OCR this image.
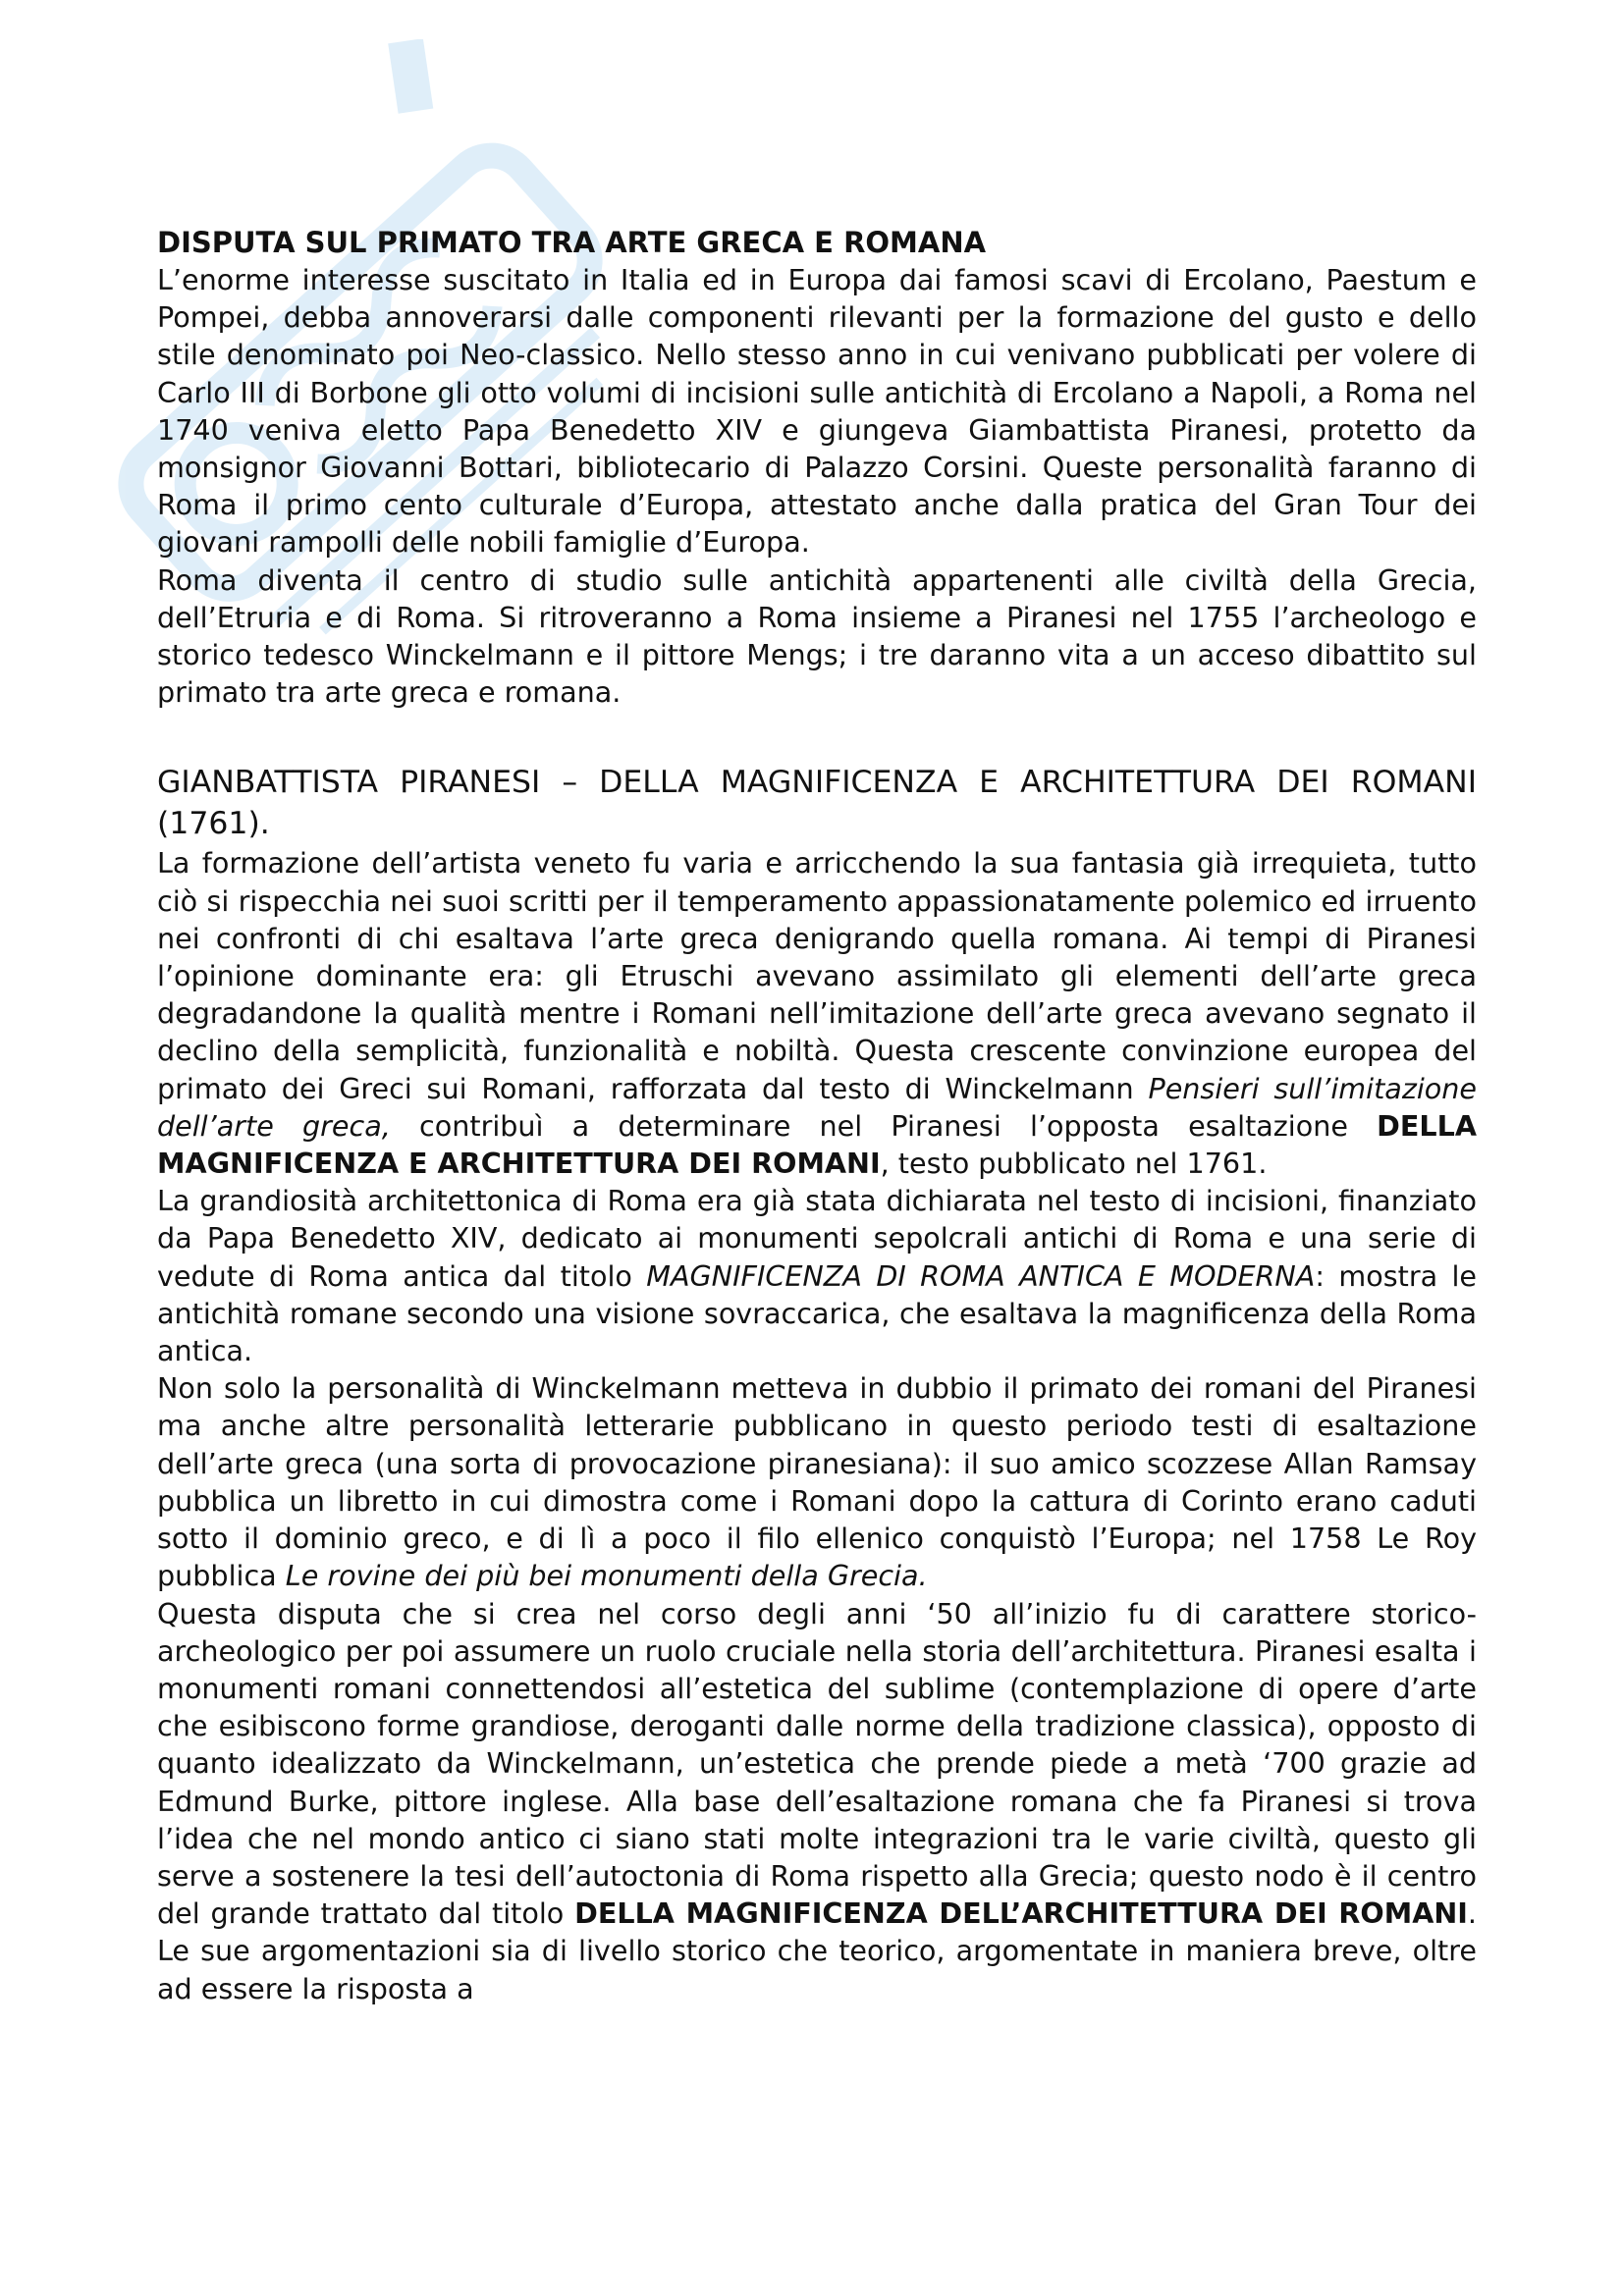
DISPUTA SUL PRIMATO TRA ARTE GRECA E ROMANA

L’enorme interesse suscitato in Italia ed in Europa dai famosi scavi di Ercolano, Paestum e Pompei, debba annoverarsi dalle componenti rilevanti per la formazione del gusto e dello stile denominato poi Neo-classico. Nello stesso anno in cui venivano pubblicati per volere di Carlo III di Borbone gli otto volumi di incisioni sulle antichità di Ercolano a Napoli, a Roma nel 1740 veniva eletto Papa Benedetto XIV e giungeva Giambattista Piranesi, protetto da monsignor Giovanni Bottari, bibliotecario di Palazzo Corsini. Queste personalità faranno di Roma il primo cento culturale d’Europa, attestato anche dalla pratica del Gran Tour dei giovani rampolli delle nobili famiglie d’Europa.

Roma diventa il centro di studio sulle antichità appartenenti alle civiltà della Grecia, dell’Etruria e di Roma. Si ritroveranno a Roma insieme a Piranesi nel 1755 l’archeologo e storico tedesco Winckelmann e il pittore Mengs; i tre daranno vita a un acceso dibattito sul primato tra arte greca e romana.

GIANBATTISTA PIRANESI – DELLA MAGNIFICENZA E ARCHITETTURA DEI ROMANI (1761).

La formazione dell’artista veneto fu varia e arricchendo la sua fantasia già irrequieta, tutto ciò si rispecchia nei suoi scritti per il temperamento appassionatamente polemico ed irruento nei confronti di chi esaltava l’arte greca denigrando quella romana. Ai tempi di Piranesi l’opinione dominante era: gli Etruschi avevano assimilato gli elementi dell’arte greca degradandone la qualità mentre i Romani nell’imitazione dell’arte greca avevano segnato il declino della semplicità, funzionalità e nobiltà. Questa crescente convinzione europea del primato dei Greci sui Romani, rafforzata dal testo di Winckelmann Pensieri sull’imitazione dell’arte greca, contribuì a determinare nel Piranesi l’opposta esaltazione DELLA MAGNIFICENZA E ARCHITETTURA DEI ROMANI, testo pubblicato nel 1761.

La grandiosità architettonica di Roma era già stata dichiarata nel testo di incisioni, finanziato da Papa Benedetto XIV, dedicato ai monumenti sepolcrali antichi di Roma e una serie di vedute di Roma antica dal titolo MAGNIFICENZA DI ROMA ANTICA E MODERNA: mostra le antichità romane secondo una visione sovraccarica, che esaltava la magnificenza della Roma antica.

Non solo la personalità di Winckelmann metteva in dubbio il primato dei romani del Piranesi ma anche altre personalità letterarie pubblicano in questo periodo testi di esaltazione dell’arte greca (una sorta di provocazione piranesiana): il suo amico scozzese Allan Ramsay pubblica un libretto in cui dimostra come i Romani dopo la cattura di Corinto erano caduti sotto il dominio greco, e di lì a poco il filo ellenico conquistò l’Europa; nel 1758 Le Roy pubblica Le rovine dei più bei monumenti della Grecia.

Questa disputa che si crea nel corso degli anni ‘50 all’inizio fu di carattere storico-archeologico per poi assumere un ruolo cruciale nella storia dell’architettura. Piranesi esalta i monumenti romani connettendosi all’estetica del sublime (contemplazione di opere d’arte che esibiscono forme grandiose, deroganti dalle norme della tradizione classica), opposto di quanto idealizzato da Winckelmann, un’estetica che prende piede a metà ‘700 grazie ad Edmund Burke, pittore inglese. Alla base dell’esaltazione romana che fa Piranesi si trova l’idea che nel mondo antico ci siano stati molte integrazioni tra le varie civiltà, questo gli serve a sostenere la tesi dell’autoctonia di Roma rispetto alla Grecia; questo nodo è il centro del grande trattato dal titolo DELLA MAGNIFICENZA DELL’ARCHITETTURA DEI ROMANI. Le sue argomentazioni sia di livello storico che teorico, argomentate in maniera breve, oltre ad essere la risposta a
